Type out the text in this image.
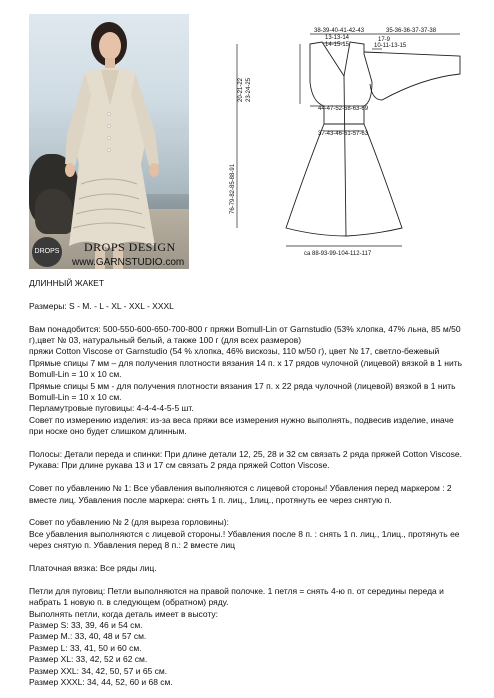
DROPS DROPS DESIGN
www.GARNSTUDIO.com
38-39-40-41-42-43
13-13-14
14-15-15
35-36-36-37-37-38
17-9
10-11-13-15
44-47-52-58-63-69
37-43-46-51-57-63
ca 88-93-99-104-112-117
20-21-22 23-24-25
76-79-82-85-88-91

ДЛИННЫЙ ЖАКЕТ

Размеры: S - M. - L - XL - XXL - XXXL

Вам понадобится: 500-550-600-650-700-800 г пряжи Bomull-Lin от Garnstudio (53% хлопка, 47% льна, 85 м/50 г),цвет № 03, натуральный белый, а также 100 г (для всех размеров)

пряжи Cotton Viscose от Garnstudio (54 % хлопка, 46% вискозы, 110 м/50 г), цвет № 17, светло-бежевый

Прямые спицы 7 мм – для получения плотности вязания 14 п. х 17 рядов чулочной (лицевой) вязкой в 1 нить Bomull-Lin = 10 х 10 см.

Прямые спицы 5 мм - для получения плотности вязания 17 п. х 22 ряда чулочной (лицевой) вязкой в 1 нить Bomull-Lin = 10 х 10 см.

Перламутровые пуговицы: 4-4-4-4-5-5 шт.

Совет по измерению изделия: из-за веса пряжи все измерения нужно выполнять, подвесив изделие, иначе при носке оно будет слишком длинным.

Полосы: Детали переда и спинки: При длине детали 12, 25, 28 и 32 см связать 2 ряда пряжей Cotton Viscose.

Рукава: При длине рукава 13 и 17 см связать 2 ряда пряжей Cotton Viscose.

Совет по убавлению № 1: Все убавления выполняются с лицевой стороны! Убавления перед маркером : 2 вместе лиц. Убавления после маркера: снять 1 п. лиц., 1лиц., протянуть ее через снятую п.

Совет по убавлению № 2 (для выреза горловины):

Все убавления выполняются с лицевой стороны.! Убавления после 8 п. : снять 1 п. лиц., 1лиц., протянуть ее через снятую п. Убавления перед 8 п.: 2 вместе лиц

Платочная вязка: Все ряды лиц.

Петли для пуговиц: Петли выполняются на правой полочке. 1 петля = снять 4-ю п. от середины переда и набрать 1 новую п. в следующем (обратном) ряду.

Выполнять петли, когда деталь имеет в высоту:

Размер S: 33, 39, 46 и 54 см.

Размер M.: 33, 40, 48 и 57 см.

Размер L: 33, 41, 50 и 60 см.

Размер XL: 33, 42, 52 и 62 см.

Размер XXL: 34, 42, 50, 57 и 65 см.

Размер XXXL: 34, 44, 52, 60 и 68 см.
